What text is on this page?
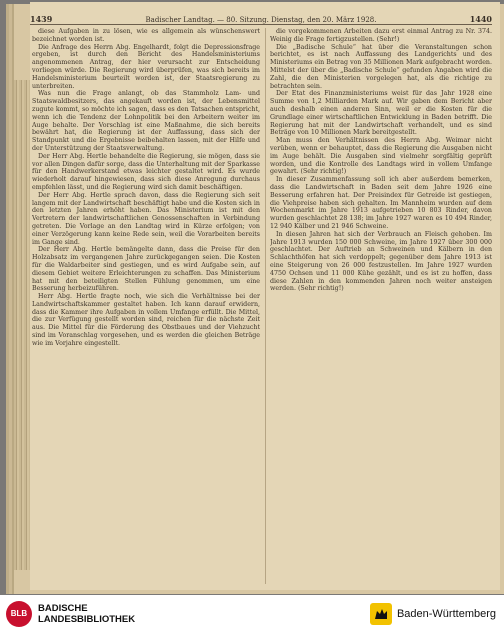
1439	Badischer Landtag. — 80. Sitzung. Dienstag, den 20. März 1928.	1440

diese Aufgaben in zu lösen, wie es allgemein als wünschenswert bezeichnet worden ist.

Die Anfrage des Herrn Abg. Engelhardt, folgt die Depressionsfrage ergeben, ist durch den Bericht des Handelsministeriums angenommenen Antrag, der hier verursacht zur Entscheidung vorliegen würde. Die Regierung wird überprüfen, was sich bereits im Handelsministerium beurteilt worden ist, der Staatsregierung zu unterbreiten.

Was nun die Frage anlangt, ob das Stammholz Lam- und Staatswaldbesitzers, das angekauft worden ist, der Lebensmittel zugute kommt, so möchte ich sagen, dass es den Tatsachen entspricht, wenn ich die Tendenz der Lohnpolitik bei den Arbeitern weiter im Auge behalte. Der Vorschlag ist eine Maßnahme, die sich bereits bewährt hat, die Regierung ist der Auffassung, dass sich der Standpunkt und die Ergebnisse beibehalten lassen, mit der Hilfe und der Unterstützung der Staatsverwaltung.

Der Herr Abg. Hertle behandelte die Regierung, sie mögen, dass sie vor allen Dingen dafür sorge, dass die Unterhaltung mit der Sparkasse für den Handwerkerstand etwas leichter gestaltet wird. Es wurde wiederholt darauf hingewiesen, dass sich diese Anregung durchaus empfehlen lässt, und die Regierung wird sich damit beschäftigen.

Der Herr Abg. Hertle sprach davon, dass die Regierung sich seit langem mit der Landwirtschaft beschäftigt habe und die Kosten sich in den letzten Jahren erhöht haben. Das Ministerium ist mit den Vertretern der landwirtschaftlichen Genossenschaften in Verbindung getreten. Die Vorlage an den Landtag wird in Kürze erfolgen; von einer Verzögerung kann keine Rede sein, weil die Vorarbeiten bereits im Gange sind.

Der Herr Abg. Hertle bemängelte dann, dass die Preise für den Holzabsatz im vergangenen Jahre zurückgegangen seien. Die Kosten für die Waldarbeiter sind gestiegen, und es wird Aufgabe sein, auf diesem Gebiet weitere Erleichterungen zu schaffen. Das Ministerium hat mit den beteiligten Stellen Fühlung genommen, um eine Besserung herbeizuführen.

Herr Abg. Hertle fragte noch, wie sich die Verhältnisse bei der Landwirtschaftskammer gestaltet haben. Ich kann darauf erwidern, dass die Kammer ihre Aufgaben in vollem Umfange erfüllt. Die Mittel, die zur Verfügung gestellt worden sind, reichen für die nächste Zeit aus. Die Mittel für die Förderung des Obstbaues und der Viehzucht sind im Voranschlag vorgesehen, und es werden die gleichen Beträge wie im Vorjahre eingestellt.

die vorgekommenen Arbeiten dazu erst einmal Antrag zu Nr. 374. Weinig die Frage fertigzustellen. (Sehr!)

Die „Badische Schule“ hat über die Veranstaltungen schon berichtet, es ist nach Auffassung des Landgerichts und des Ministeriums ein Betrag von 35 Millionen Mark aufgebracht worden. Mittelst der über die „Badische Schule“ gefunden Angaben wird die Zahl, die den Ministerien vorgelegen hat, als die richtige zu betrachten sein.

Der Etat des Finanzministeriums weist für das Jahr 1928 eine Summe von 1,2 Milliarden Mark auf. Wir gaben dem Bericht aber auch deshalb einen anderen Sinn, weil er die Kosten für die Grundlage einer wirtschaftlichen Entwicklung in Baden betrifft. Die Regierung hat mit der Landwirtschaft verhandelt, und es sind Beträge von 10 Millionen Mark bereitgestellt.

Man muss den Verhältnissen des Herrn Abg. Weimar nicht verüben, wenn er behauptet, dass die Regierung die Ausgaben nicht im Auge behält. Die Ausgaben sind vielmehr sorgfältig geprüft worden, und die Kontrolle des Landtags wird in vollem Umfange gewahrt. (Sehr richtig!)

In dieser Zusammenfassung soll ich aber außerdem bemerken, dass die Landwirtschaft in Baden seit dem Jahre 1926 eine Besserung erfahren hat. Der Preisindex für Getreide ist gestiegen, die Viehpreise haben sich gehalten. Im Mannheim wurden auf dem Wochenmarkt im Jahre 1913 aufgetrieben 10 803 Rinder, davon wurden geschlachtet 28 138; im Jahre 1927 waren es 10 494 Rinder, 12 940 Kälber und 21 946 Schweine.

In diesen Jahren hat sich der Verbrauch an Fleisch gehoben. Im Jahre 1913 wurden 150 000 Schweine, im Jahre 1927 über 300 000 geschlachtet. Der Auftrieb an Schweinen und Kälbern in den Schlachthöfen hat sich verdoppelt; gegenüber dem Jahre 1913 ist eine Steigerung von 26 000 festzustellen. Im Jahre 1927 wurden 4750 Ochsen und 11 000 Kühe gezählt, und es ist zu hoffen, dass diese Zahlen in den kommenden Jahren noch weiter ansteigen werden. (Sehr richtig!)

BLB	BADISCHE
LANDESBIBLIOTHEK	Baden-Württemberg
